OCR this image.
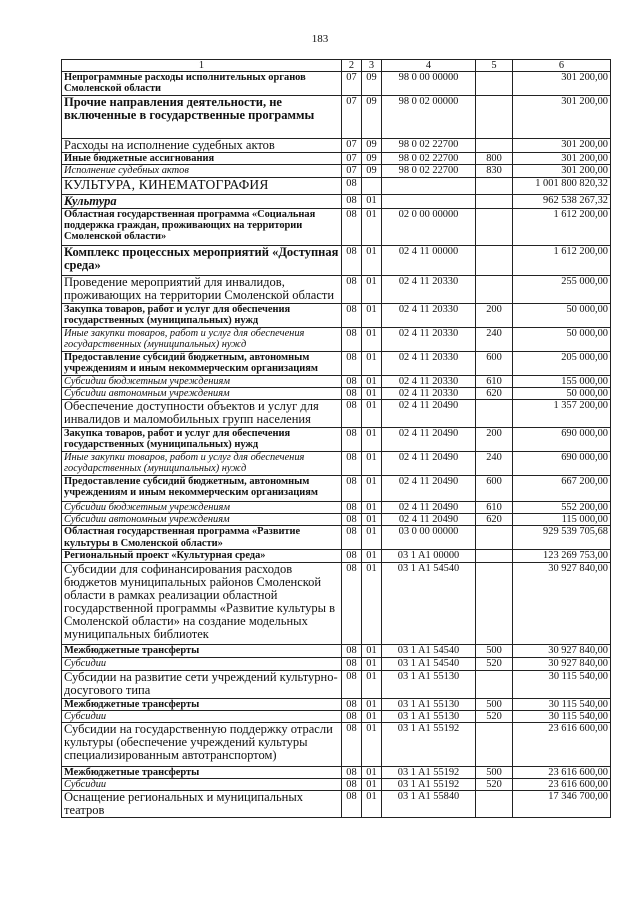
183
1	2	3	4	5	6
Непрограммные расходы исполнительных органов Смоленской области	07	09	98 0 00 00000		301 200,00
Прочие направления деятельности, не включенные в государственные программы	07	09	98 0 02 00000		301 200,00
Расходы на исполнение судебных актов	07	09	98 0 02 22700		301 200,00
Иные бюджетные ассигнования	07	09	98 0 02 22700	800	301 200,00
Исполнение судебных актов	07	09	98 0 02 22700	830	301 200,00
КУЛЬТУРА, КИНЕМАТОГРАФИЯ	08				1 001 800 820,32
Культура	08	01			962 538 267,32
Областная государственная программа «Социальная поддержка граждан, проживающих на территории Смоленской области»	08	01	02 0 00 00000		1 612 200,00
Комплекс процессных мероприятий «Доступная среда»	08	01	02 4 11 00000		1 612 200,00
Проведение мероприятий для инвалидов, проживающих на территории Смоленской области	08	01	02 4 11 20330		255 000,00
Закупка товаров, работ и услуг для обеспечения государственных (муниципальных) нужд	08	01	02 4 11 20330	200	50 000,00
Иные закупки товаров, работ и услуг для обеспечения государственных (муниципальных) нужд	08	01	02 4 11 20330	240	50 000,00
Предоставление субсидий бюджетным, автономным учреждениям и иным некоммерческим организациям	08	01	02 4 11 20330	600	205 000,00
Субсидии бюджетным учреждениям	08	01	02 4 11 20330	610	155 000,00
Субсидии автономным учреждениям	08	01	02 4 11 20330	620	50 000,00
Обеспечение доступности объектов и услуг для инвалидов и маломобильных групп населения	08	01	02 4 11 20490		1 357 200,00
Закупка товаров, работ и услуг для обеспечения государственных (муниципальных) нужд	08	01	02 4 11 20490	200	690 000,00
Иные закупки товаров, работ и услуг для обеспечения государственных (муниципальных) нужд	08	01	02 4 11 20490	240	690 000,00
Предоставление субсидий бюджетным, автономным учреждениям и иным некоммерческим организациям	08	01	02 4 11 20490	600	667 200,00
Субсидии бюджетным учреждениям	08	01	02 4 11 20490	610	552 200,00
Субсидии автономным учреждениям	08	01	02 4 11 20490	620	115 000,00
Областная государственная программа «Развитие культуры в Смоленской области»	08	01	03 0 00 00000		929 539 705,68
Региональный проект «Культурная среда»	08	01	03 1 A1 00000		123 269 753,00
Субсидии для софинансирования расходов бюджетов муниципальных районов Смоленской области в рамках реализации областной государственной программы «Развитие культуры в Смоленской области» на создание модельных муниципальных библиотек	08	01	03 1 A1 54540		30 927 840,00
Межбюджетные трансферты	08	01	03 1 A1 54540	500	30 927 840,00
Субсидии	08	01	03 1 A1 54540	520	30 927 840,00
Субсидии на развитие сети учреждений культурно-досугового типа	08	01	03 1 A1 55130		30 115 540,00
Межбюджетные трансферты	08	01	03 1 A1 55130	500	30 115 540,00
Субсидии	08	01	03 1 A1 55130	520	30 115 540,00
Субсидии на государственную поддержку отрасли культуры (обеспечение учреждений культуры специализированным автотранспортом)	08	01	03 1 A1 55192		23 616 600,00
Межбюджетные трансферты	08	01	03 1 A1 55192	500	23 616 600,00
Субсидии	08	01	03 1 A1 55192	520	23 616 600,00
Оснащение региональных и муниципальных театров	08	01	03 1 A1 55840		17 346 700,00
